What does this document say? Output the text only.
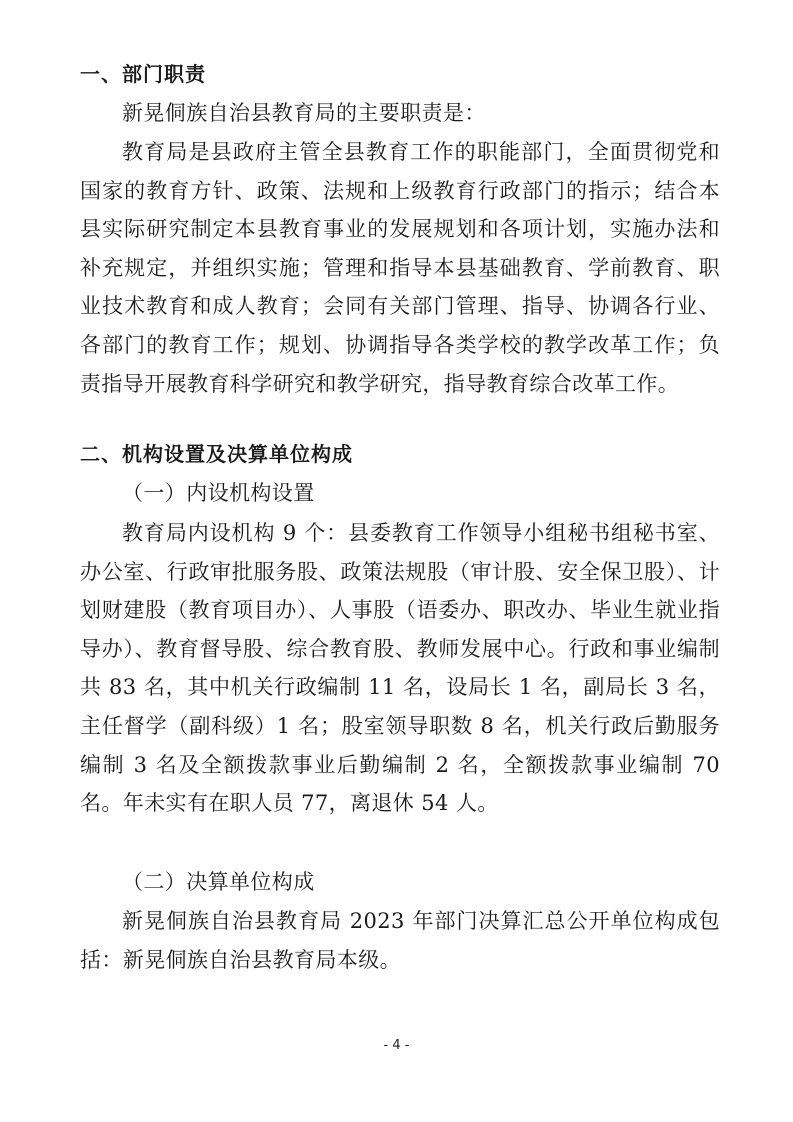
一、部门职责
新晃侗族自治县教育局的主要职责是：
教育局是县政府主管全县教育工作的职能部门，全面贯彻党和国家的教育方针、政策、法规和上级教育行政部门的指示；结合本县实际研究制定本县教育事业的发展规划和各项计划，实施办法和补充规定，并组织实施；管理和指导本县基础教育、学前教育、职业技术教育和成人教育；会同有关部门管理、指导、协调各行业、各部门的教育工作；规划、协调指导各类学校的教学改革工作；负责指导开展教育科学研究和教学研究，指导教育综合改革工作。
二、机构设置及决算单位构成
（一）内设机构设置
教育局内设机构 9 个：县委教育工作领导小组秘书组秘书室、办公室、行政审批服务股、政策法规股（审计股、安全保卫股）、计划财建股（教育项目办）、人事股（语委办、职改办、毕业生就业指导办）、教育督导股、综合教育股、教师发展中心。行政和事业编制共 83 名，其中机关行政编制 11 名，设局长 1 名，副局长 3 名，主任督学（副科级）1 名；股室领导职数 8 名，机关行政后勤服务编制 3 名及全额拨款事业后勤编制 2 名，全额拨款事业编制 70 名。年未实有在职人员 77，离退休 54 人。
（二）决算单位构成
新晃侗族自治县教育局 2023 年部门决算汇总公开单位构成包括：新晃侗族自治县教育局本级。
- 4 -
